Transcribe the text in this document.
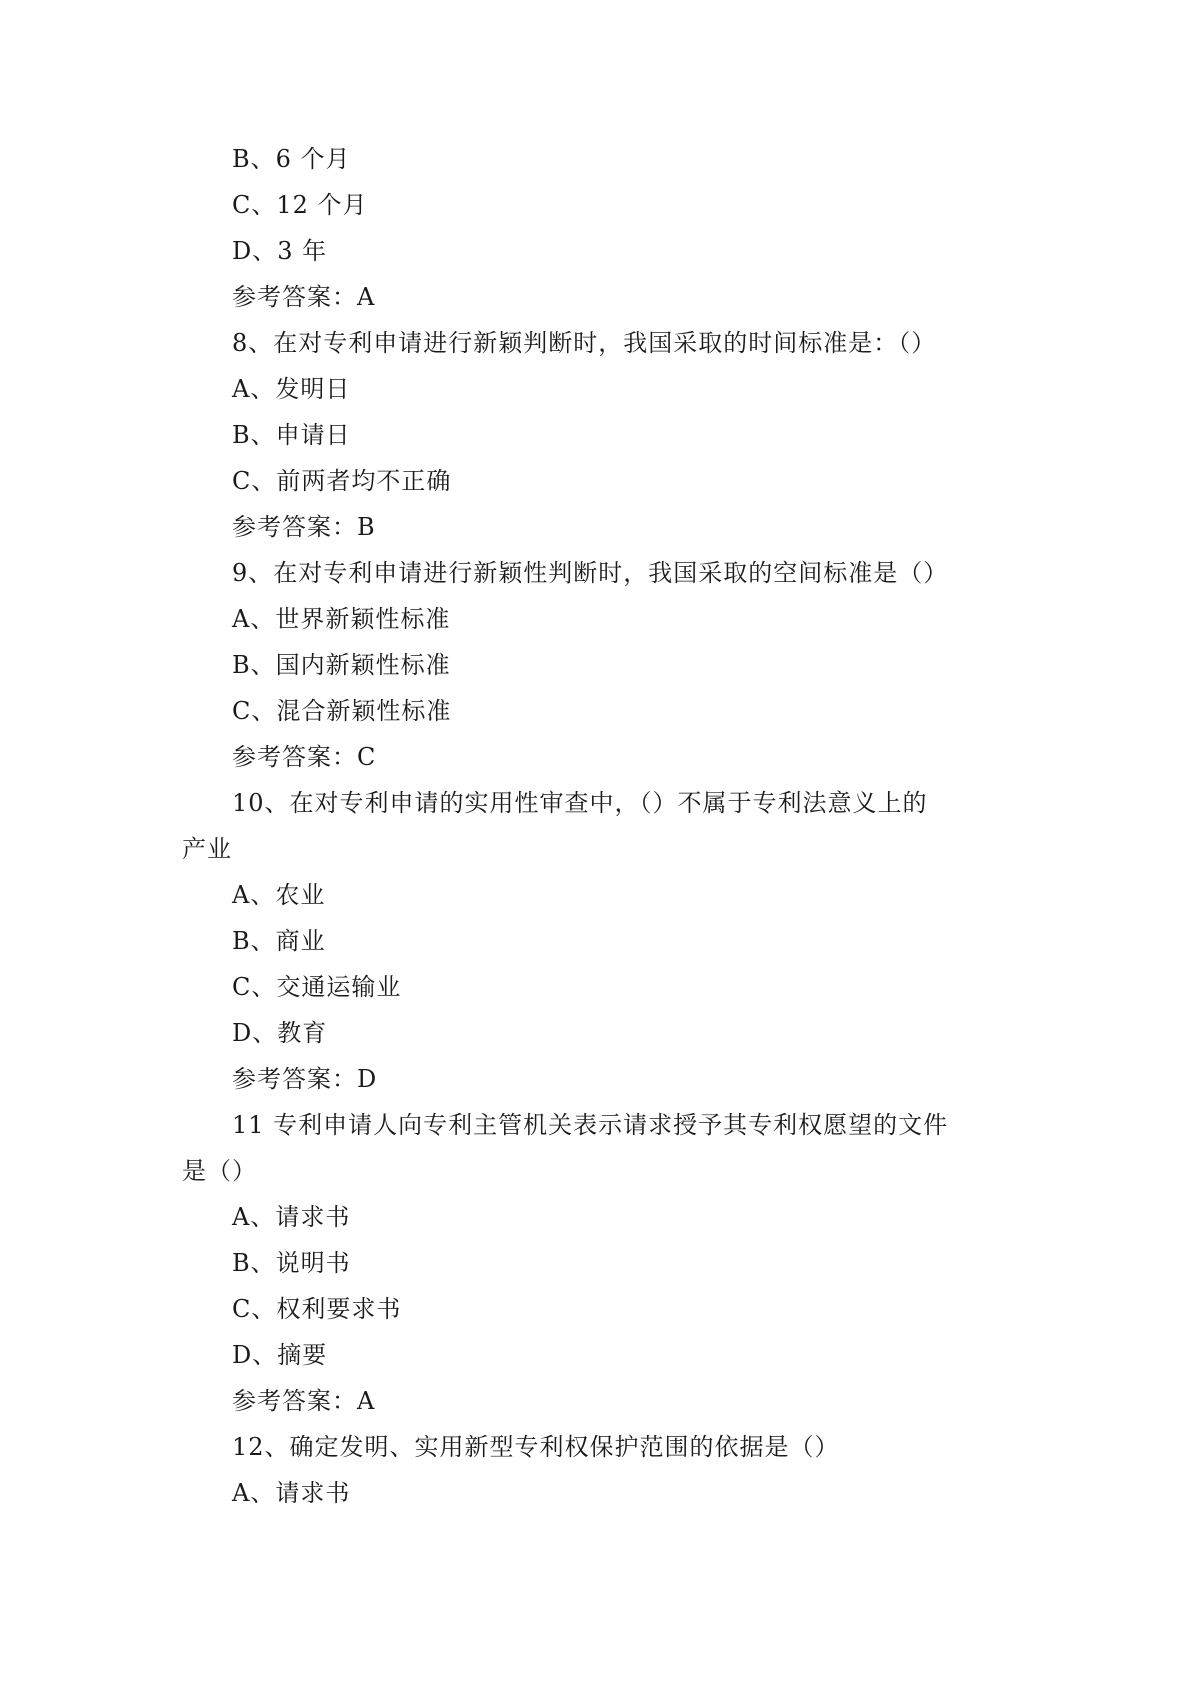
B、6 个月
C、12 个月
D、3 年
参考答案：A
8、在对专利申请进行新颖判断时，我国采取的时间标准是：（）
A、发明日
B、申请日
C、前两者均不正确
参考答案：B
9、在对专利申请进行新颖性判断时，我国采取的空间标准是（）
A、世界新颖性标准
B、国内新颖性标准
C、混合新颖性标准
参考答案：C
10、在对专利申请的实用性审查中，（）不属于专利法意义上的
产业
A、农业
B、商业
C、交通运输业
D、教育
参考答案：D
11 专利申请人向专利主管机关表示请求授予其专利权愿望的文件
是（）
A、请求书
B、说明书
C、权利要求书
D、摘要
参考答案：A
12、确定发明、实用新型专利权保护范围的依据是（）
A、请求书
